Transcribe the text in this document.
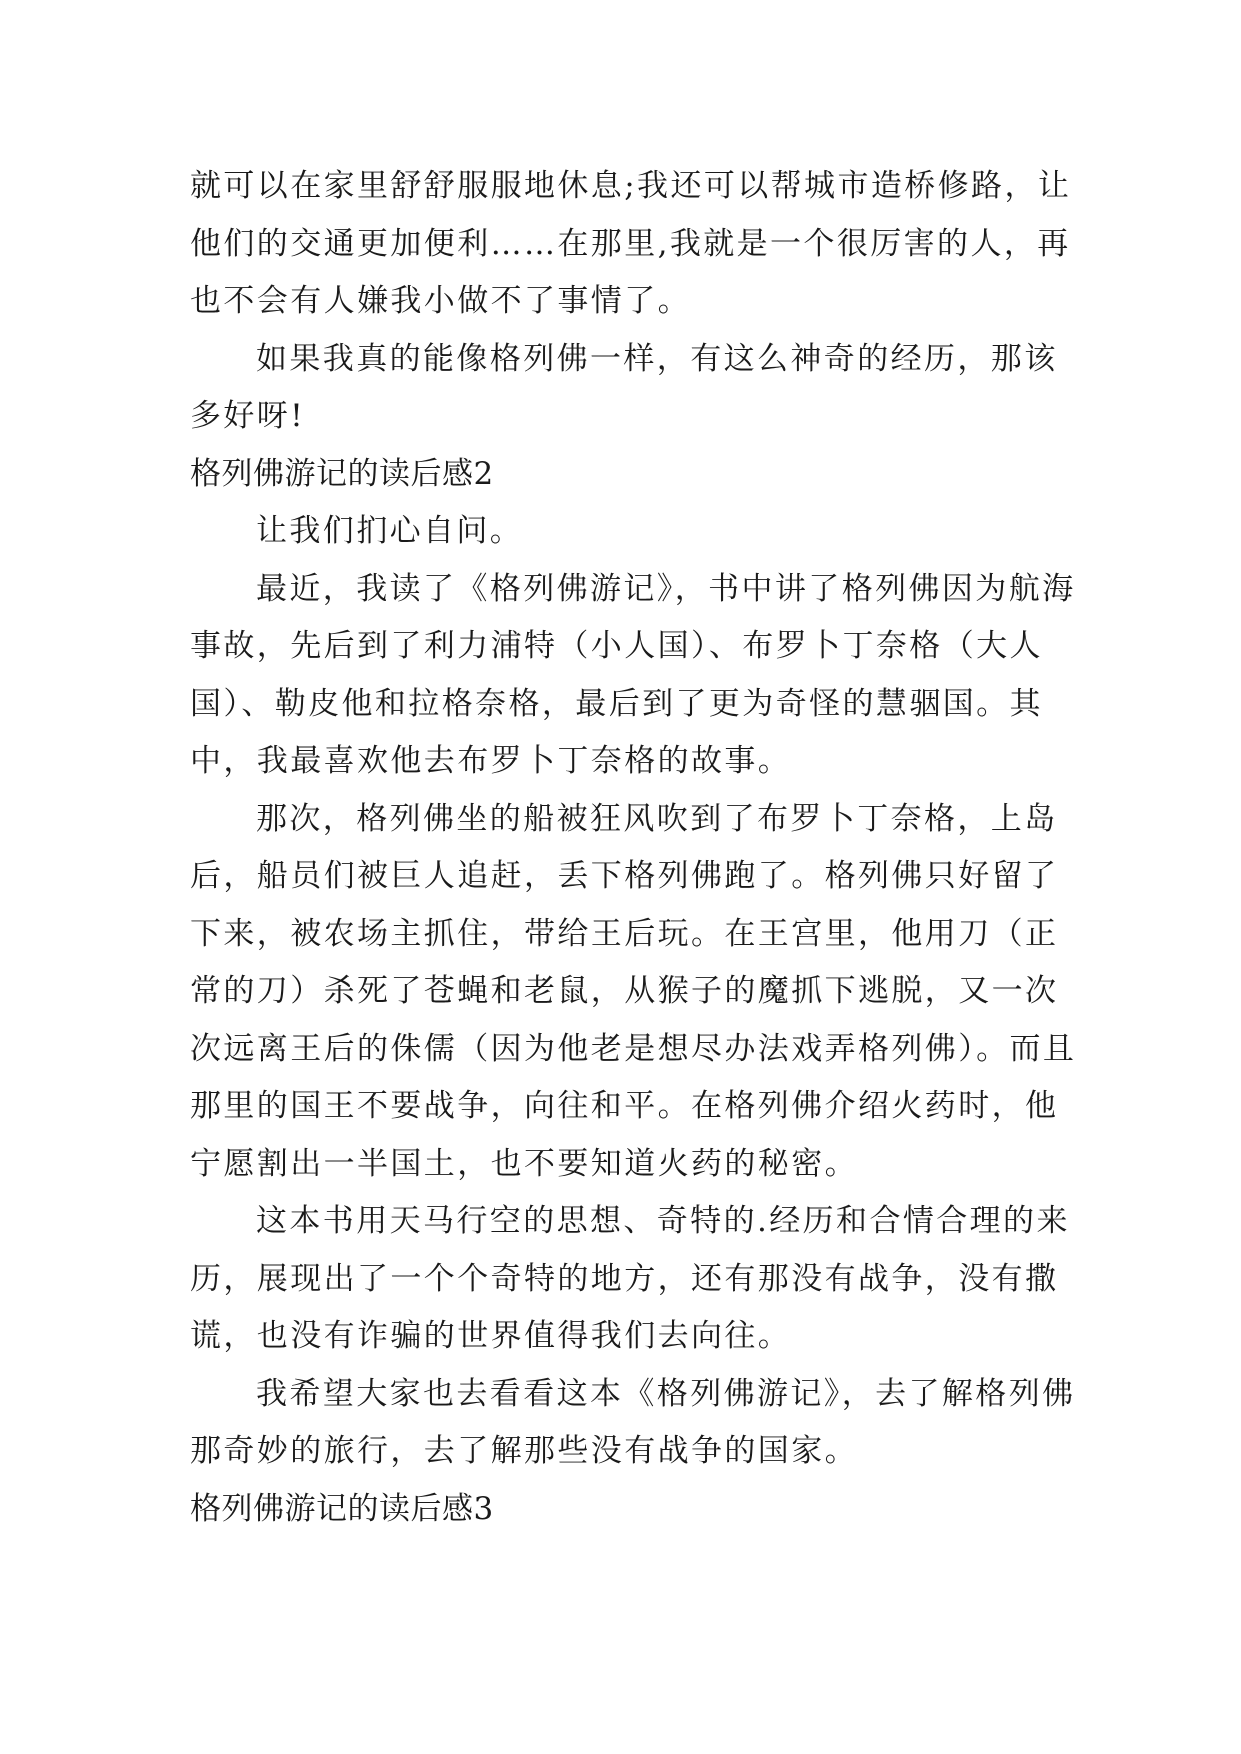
就可以在家里舒舒服服地休息;我还可以帮城市造桥修路，让他们的交通更加便利……在那里,我就是一个很厉害的人，再也不会有人嫌我小做不了事情了。

如果我真的能像格列佛一样，有这么神奇的经历，那该多好呀!

格列佛游记的读后感2

让我们扪心自问。

最近，我读了《格列佛游记》，书中讲了格列佛因为航海事故，先后到了利力浦特（小人国）、布罗卜丁奈格（大人国）、勒皮他和拉格奈格，最后到了更为奇怪的慧骃国。其中，我最喜欢他去布罗卜丁奈格的故事。

那次，格列佛坐的船被狂风吹到了布罗卜丁奈格，上岛后，船员们被巨人追赶，丢下格列佛跑了。格列佛只好留了下来，被农场主抓住，带给王后玩。在王宫里，他用刀（正常的刀）杀死了苍蝇和老鼠，从猴子的魔抓下逃脱，又一次次远离王后的侏儒（因为他老是想尽办法戏弄格列佛）。而且那里的国王不要战争，向往和平。在格列佛介绍火药时，他宁愿割出一半国土，也不要知道火药的秘密。

这本书用天马行空的思想、奇特的.经历和合情合理的来历，展现出了一个个奇特的地方，还有那没有战争，没有撒谎，也没有诈骗的世界值得我们去向往。

我希望大家也去看看这本《格列佛游记》，去了解格列佛那奇妙的旅行，去了解那些没有战争的国家。

格列佛游记的读后感3
